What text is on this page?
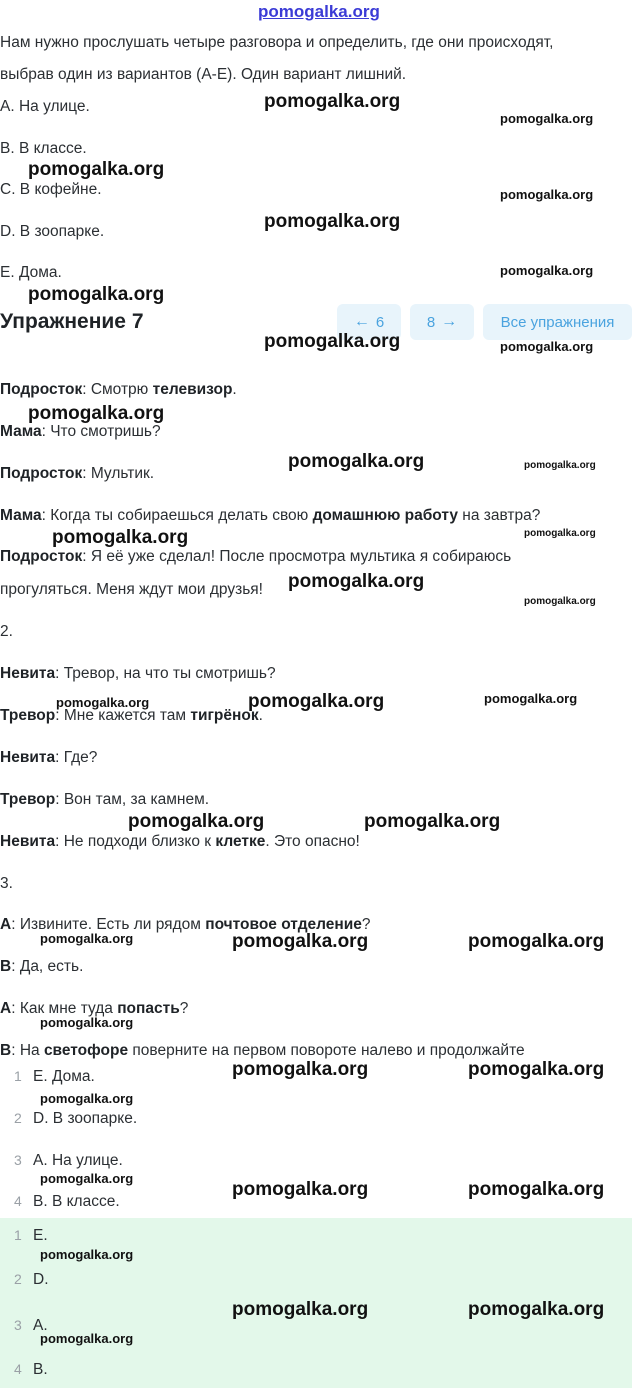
pomogalka.org
Нам нужно прослушать четыре разговора и определить, где они происходят,
выбрав один из вариантов (А-Е). Один вариант лишний.
А. На улице.
В. В классе.
С. В кофейне.
D. В зоопарке.
Е. Дома.
Упражнение 7	← 6	8 →	Все упражнения
Подросток: Смотрю телевизор.
Мама: Что смотришь?
Подросток: Мультик.
Мама: Когда ты собираешься делать свою домашнюю работу на завтра?
Подросток: Я её уже сделал! После просмотра мультика я собираюсь
прогуляться. Меня ждут мои друзья!
2.
Невита: Тревор, на что ты смотришь?
Тревор: Мне кажется там тигрёнок.
Невита: Где?
Тревор: Вон там, за камнем.
Невита: Не подходи близко к клетке. Это опасно!
3.
А: Извините. Есть ли рядом почтовое отделение?
В: Да, есть.
А: Как мне туда попасть?
В: На светофоре поверните на первом повороте налево и продолжайте
1 Е. Дома.
2 D. В зоопарке.
3 А. На улице.
4 В. В классе.
1 Е.
2 D.
3 А.
4 В.
pomogalka.org
pomogalka.org
pomogalka.org
pomogalka.org
pomogalka.org
pomogalka.org
pomogalka.org
pomogalka.org	pomogalka.org
pomogalka.org
pomogalka.org	pomogalka.org
pomogalka.org	pomogalka.org
pomogalka.org
pomogalka.org
pomogalka.org
pomogalka.org	pomogalka.org
pomogalka.org	pomogalka.org
pomogalka.org	pomogalka.org	pomogalka.org
pomogalka.org
pomogalka.org	pomogalka.org
pomogalka.org
pomogalka.org
pomogalka.org	pomogalka.org
pomogalka.org
pomogalka.org	pomogalka.org
pomogalka.org
